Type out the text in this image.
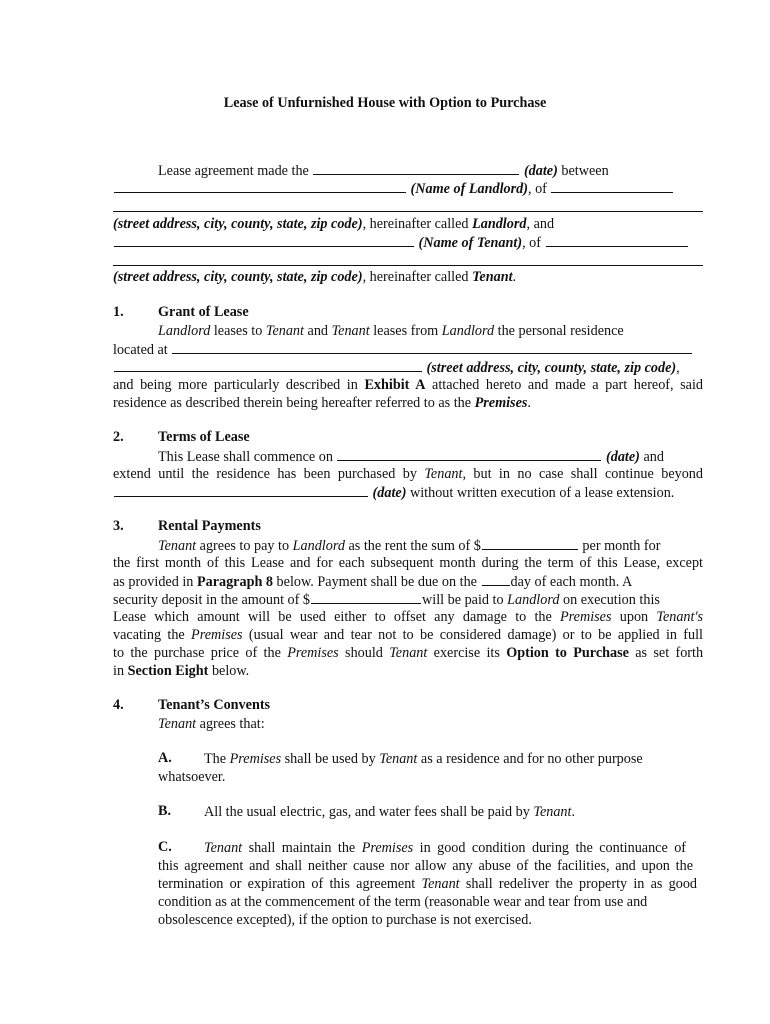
Lease of Unfurnished House with Option to Purchase

Lease agreement made the	(date) between

(Name of Landlord), of

(street address, city, county, state, zip code), hereinafter called Landlord, and

(Name of Tenant), of

(street address, city, county, state, zip code), hereinafter called Tenant.

1. Grant of Lease

Landlord leases to Tenant and Tenant leases from Landlord the personal residence

located at

(street address, city, county, state, zip code),

and being more particularly described in Exhibit A attached hereto and made a part hereof, said

residence as described therein being hereafter referred to as the Premises.

2. Terms of Lease

This Lease shall commence on	(date) and

extend until the residence has been purchased by Tenant, but in no case shall continue beyond

(date) without written execution of a lease extension.

3. Rental Payments

Tenant agrees to pay to Landlord as the rent the sum of $	per month for

the first month of this Lease and for each subsequent month during the term of this Lease, except

as provided in Paragraph 8 below. Payment shall be due on the day of each month. A

security deposit in the amount of $	will be paid to Landlord on execution this

Lease which amount will be used either to offset any damage to the Premises upon Tenant's

vacating the Premises (usual wear and tear not to be considered damage) or to be applied in full

to the purchase price of the Premises should Tenant exercise its Option to Purchase as set forth

in Section Eight below.

4. Tenant’s Convents

Tenant agrees that:

A. The Premises shall be used by Tenant as a residence and for no other purpose

whatsoever.

B. All the usual electric, gas, and water fees shall be paid by Tenant.

C. Tenant shall maintain the Premises in good condition during the continuance of

this agreement and shall neither cause nor allow any abuse of the facilities, and upon the

termination or expiration of this agreement Tenant shall redeliver the property in as good

condition as at the commencement of the term (reasonable wear and tear from use and

obsolescence excepted), if the option to purchase is not exercised.
